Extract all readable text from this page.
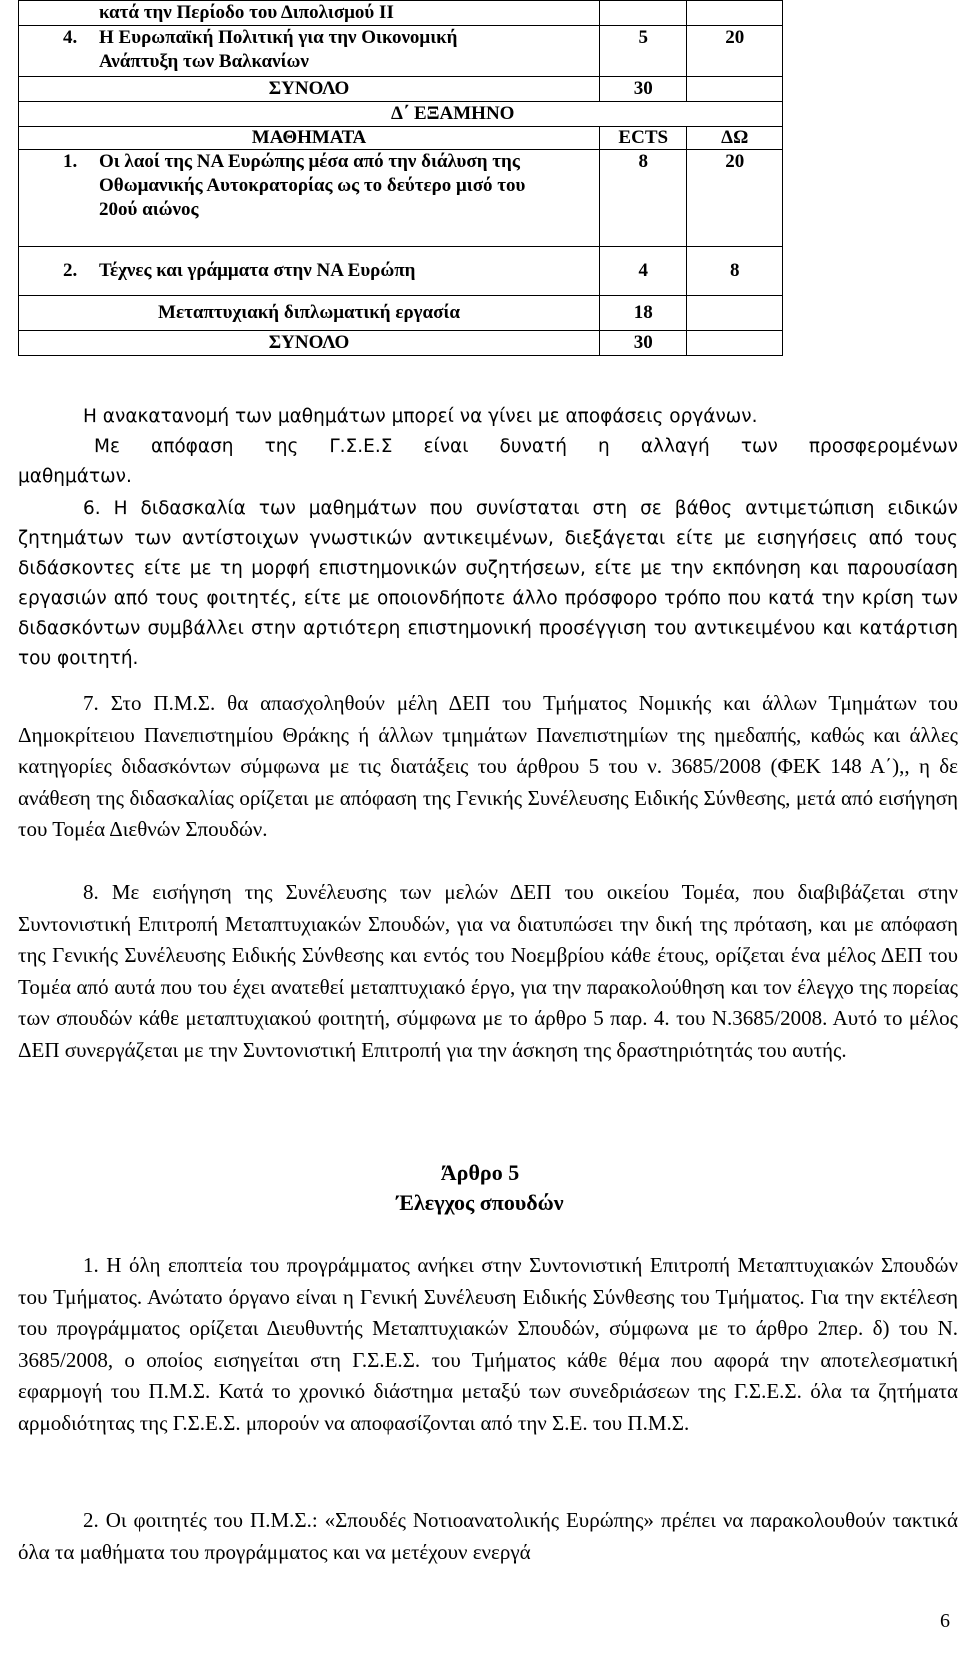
κατά την Περίοδο του Διπολισμού ΙΙ		
4. Η Ευρωπαϊκή Πολιτική για την Οικονομική
Ανάπτυξη των Βαλκανίων	5	20
ΣΥΝΟΛΟ	30	
Δ΄ ΕΞΑΜΗΝΟ		
ΜΑΘΗΜΑΤΑ	ECTS	ΔΩ
1. Οι λαοί της ΝΑ Ευρώπης μέσα από την διάλυση της
Οθωμανικής Αυτοκρατορίας ως το δεύτερο μισό του
20ού αιώνος	8	20
2. Τέχνες και γράμματα στην ΝΑ Ευρώπη	4	8
Μεταπτυχιακή διπλωματική εργασία	18	
ΣΥΝΟΛΟ	30	
Η ανακατανομή των μαθημάτων μπορεί να γίνει με αποφάσεις οργάνων.
Με απόφαση της Γ.Σ.Ε.Σ είναι δυνατή η αλλαγή των προσφερομένων
μαθημάτων.
6. Η διδασκαλία των μαθημάτων που συνίσταται στη σε βάθος αντιμετώπιση ειδικών ζητημάτων των αντίστοιχων γνωστικών αντικειμένων, διεξάγεται είτε με εισηγήσεις από τους διδάσκοντες είτε με τη μορφή επιστημονικών συζητήσεων, είτε με την εκπόνηση και παρουσίαση εργασιών από τους φοιτητές, είτε με οποιονδήποτε άλλο πρόσφορο τρόπο που κατά την κρίση των διδασκόντων συμβάλλει στην αρτιότερη επιστημονική προσέγγιση του αντικειμένου και κατάρτιση του φοιτητή.
7. Στο Π.Μ.Σ. θα απασχοληθούν μέλη ΔΕΠ του Τμήματος Νομικής και άλλων Τμημάτων του Δημοκρίτειου Πανεπιστημίου Θράκης ή άλλων τμημάτων Πανεπιστημίων της ημεδαπής, καθώς και άλλες κατηγορίες διδασκόντων σύμφωνα με τις διατάξεις του άρθρου 5 του ν. 3685/2008 (ΦΕΚ 148 Α΄),, η δε ανάθεση της διδασκαλίας ορίζεται με απόφαση της Γενικής Συνέλευσης Ειδικής Σύνθεσης, μετά από εισήγηση του Τομέα Διεθνών Σπουδών.
8. Με εισήγηση της Συνέλευσης των μελών ΔΕΠ του οικείου Τομέα, που διαβιβάζεται στην Συντονιστική Επιτροπή Μεταπτυχιακών Σπουδών, για να διατυπώσει την δική της πρόταση, και με απόφαση της Γενικής Συνέλευσης Ειδικής Σύνθεσης και εντός του Νοεμβρίου κάθε έτους, ορίζεται ένα μέλος ΔΕΠ του Τομέα από αυτά που του έχει ανατεθεί μεταπτυχιακό έργο, για την παρακολούθηση και τον έλεγχο της πορείας των σπουδών κάθε μεταπτυχιακού φοιτητή, σύμφωνα με το άρθρο 5 παρ. 4. του Ν.3685/2008. Αυτό το μέλος ΔΕΠ συνεργάζεται με την Συντονιστική Επιτροπή για την άσκηση της δραστηριότητάς του αυτής.
Άρθρο 5
Έλεγχος σπουδών
1. Η όλη εποπτεία του προγράμματος ανήκει στην Συντονιστική Επιτροπή Μεταπτυχιακών Σπουδών του Τμήματος. Ανώτατο όργανο είναι η Γενική Συνέλευση Ειδικής Σύνθεσης του Τμήματος. Για την εκτέλεση του προγράμματος ορίζεται Διευθυντής Μεταπτυχιακών Σπουδών, σύμφωνα με το άρθρο 2περ. δ) του Ν. 3685/2008, ο οποίος εισηγείται στη Γ.Σ.Ε.Σ. του Τμήματος κάθε θέμα που αφορά την αποτελεσματική εφαρμογή του Π.Μ.Σ. Κατά το χρονικό διάστημα μεταξύ των συνεδριάσεων της Γ.Σ.Ε.Σ. όλα τα ζητήματα αρμοδιότητας της Γ.Σ.Ε.Σ. μπορούν να αποφασίζονται από την Σ.Ε. του Π.Μ.Σ.
2. Οι φοιτητές του Π.Μ.Σ.: «Σπουδές Νοτιοανατολικής Ευρώπης» πρέπει να παρακολουθούν τακτικά όλα τα μαθήματα του προγράμματος και να μετέχουν ενεργά
6
